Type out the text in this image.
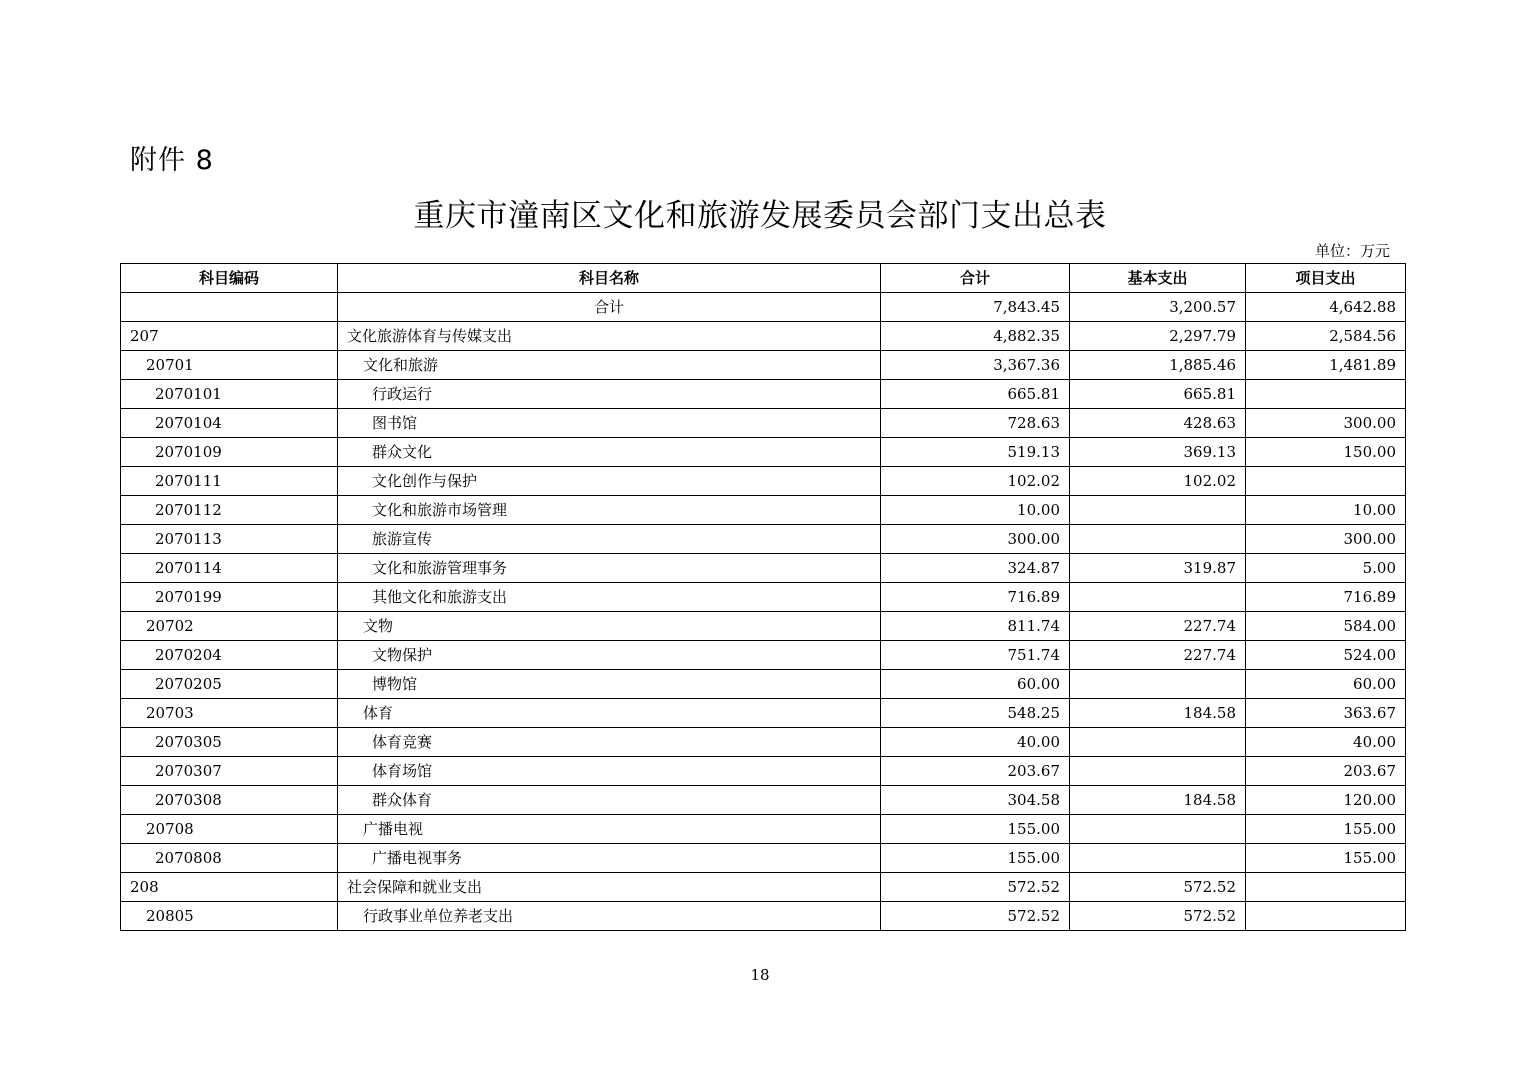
附件 8
重庆市潼南区文化和旅游发展委员会部门支出总表
单位：万元
科目编码	科目名称	合计	基本支出	项目支出
	合计	7,843.45	3,200.57	4,642.88
207	文化旅游体育与传媒支出	4,882.35	2,297.79	2,584.56
20701	文化和旅游	3,367.36	1,885.46	1,481.89
2070101	行政运行	665.81	665.81	
2070104	图书馆	728.63	428.63	300.00
2070109	群众文化	519.13	369.13	150.00
2070111	文化创作与保护	102.02	102.02	
2070112	文化和旅游市场管理	10.00		10.00
2070113	旅游宣传	300.00		300.00
2070114	文化和旅游管理事务	324.87	319.87	5.00
2070199	其他文化和旅游支出	716.89		716.89
20702	文物	811.74	227.74	584.00
2070204	文物保护	751.74	227.74	524.00
2070205	博物馆	60.00		60.00
20703	体育	548.25	184.58	363.67
2070305	体育竞赛	40.00		40.00
2070307	体育场馆	203.67		203.67
2070308	群众体育	304.58	184.58	120.00
20708	广播电视	155.00		155.00
2070808	广播电视事务	155.00		155.00
208	社会保障和就业支出	572.52	572.52	
20805	行政事业单位养老支出	572.52	572.52	
18
